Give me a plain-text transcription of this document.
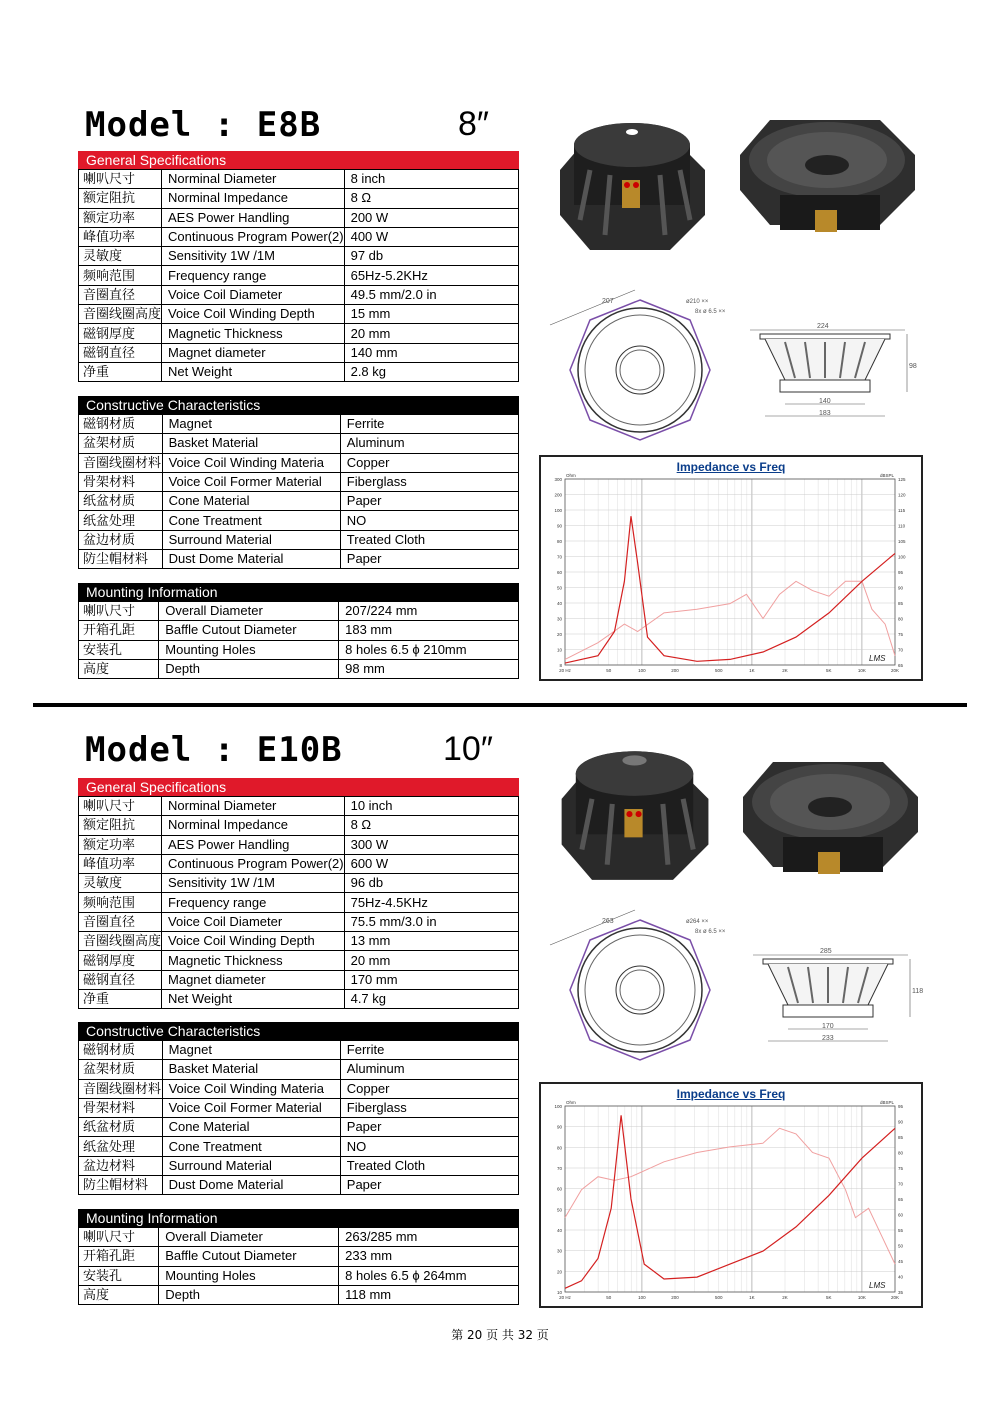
Model : E8B	8″
General Specifications
喇叭尺寸	Norminal Diameter	8 inch
额定阻抗	Norminal Impedance	8 Ω
额定功率	AES Power Handling	200 W
峰值功率	Continuous Program Power(2)	400 W
灵敏度	Sensitivity 1W /1M	97 db
频响范围	Frequency range	65Hz-5.2KHz
音圈直径	Voice Coil Diameter	49.5 mm/2.0 in
音圈线圈高度	Voice Coil Winding Depth	15 mm
磁钢厚度	Magnetic Thickness	20 mm
磁钢直径	Magnet diameter	140 mm
净重	Net Weight	2.8 kg
Constructive Characteristics
磁钢材质	Magnet	Ferrite
盆架材质	Basket Material	Aluminum
音圈线圈材料	Voice Coil Winding Materia	Copper
骨架材料	Voice Coil Former Material	Fiberglass
纸盆材质	Cone Material	Paper
纸盆处理	Cone Treatment	NO
盆边材质	Surround Material	Treated Cloth
防尘帽材料	Dust Dome Material	Paper
Mounting Information
喇叭尺寸	Overall Diameter	207/224 mm
开箱孔距	Baffle Cutout Diameter	183 mm
安装孔	Mounting Holes	8 holes 6.5 ϕ 210mm
高度	Depth	98 mm
207	ø210 ××
8x ø 6.5 ××
224
140
183
98
Impedance vs Freq
300
200
100
90
80
70
60
50
40
30
20
10
8
125
120
115
110
105
100
95
90
85
80
75
70
65
20 Hz	50	100	200	500	1K	2K	5K	10K	20K
Ohm	dBSPL
LMS
Model : E10B	10″
General Specifications
喇叭尺寸	Norminal Diameter	10 inch
额定阻抗	Norminal Impedance	8 Ω
额定功率	AES Power Handling	300 W
峰值功率	Continuous Program Power(2)	600 W
灵敏度	Sensitivity 1W /1M	96 db
频响范围	Frequency range	75Hz-4.5KHz
音圈直径	Voice Coil Diameter	75.5 mm/3.0 in
音圈线圈高度	Voice Coil Winding Depth	13 mm
磁钢厚度	Magnetic Thickness	20 mm
磁钢直径	Magnet diameter	170 mm
净重	Net Weight	4.7 kg
Constructive Characteristics
磁钢材质	Magnet	Ferrite
盆架材质	Basket Material	Aluminum
音圈线圈材料	Voice Coil Winding Materia	Copper
骨架材料	Voice Coil Former Material	Fiberglass
纸盆材质	Cone Material	Paper
纸盆处理	Cone Treatment	NO
盆边材料	Surround Material	Treated Cloth
防尘帽材料	Dust Dome Material	Paper
Mounting Information
喇叭尺寸	Overall Diameter	263/285 mm
开箱孔距	Baffle Cutout Diameter	233 mm
安装孔	Mounting Holes	8 holes 6.5 ϕ 264mm
高度	Depth	118 mm
263	ø264 ××
8x ø 6.5 ××
285
170
233
118
Impedance vs Freq
100
90
80
70
60
50
40
30
20
10
95
90
85
80
75
70
65
60
55
50
45
40
35
20 Hz	50	100	200	500	1K	2K	5K	10K	20K
Ohm	dBSPL
LMS
第 20 页 共 32 页
